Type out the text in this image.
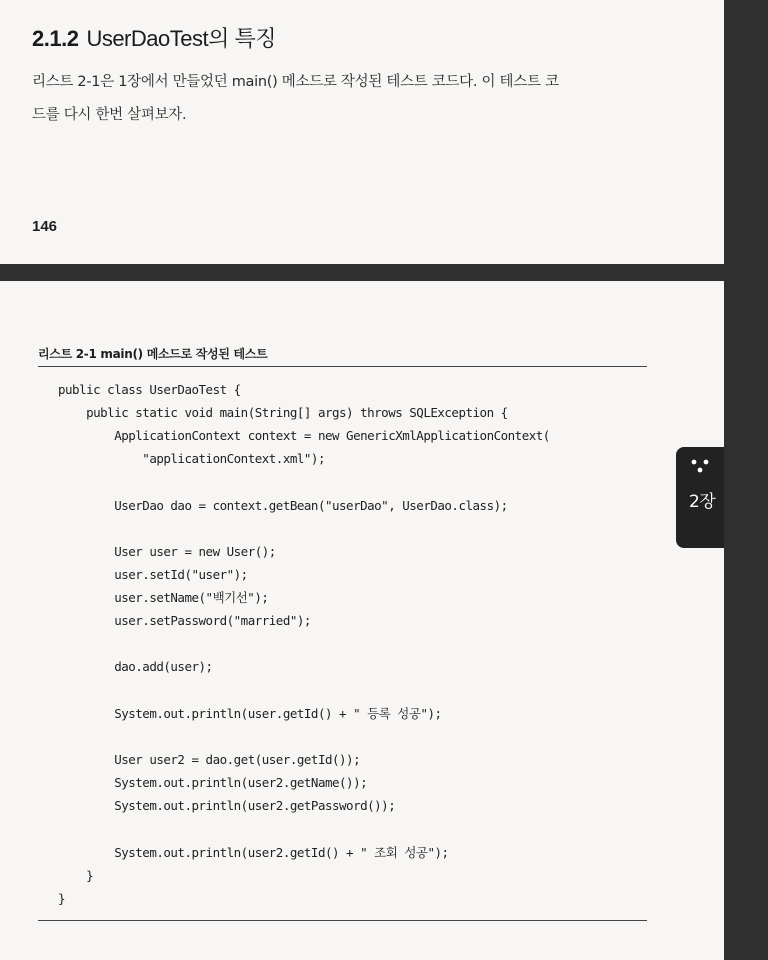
2.1.2 UserDaoTest의 특징
리스트 2-1은 1장에서 만들었던 main() 메소드로 작성된 테스트 코드다. 이 테스트 코
드를 다시 한번 살펴보자.
146
리스트 2-1 main() 메소드로 작성된 테스트
public class UserDaoTest {
public static void main(String[] args) throws SQLException {
ApplicationContext context = new GenericXmlApplicationContext(
"applicationContext.xml");
UserDao dao = context.getBean("userDao", UserDao.class);
User user = new User();
user.setId("user");
user.setName("백기선");
user.setPassword("married");
dao.add(user);
System.out.println(user.getId() + " 등록 성공");
User user2 = dao.get(user.getId());
System.out.println(user2.getName());
System.out.println(user2.getPassword());
System.out.println(user2.getId() + " 조회 성공");
}
}
2장
